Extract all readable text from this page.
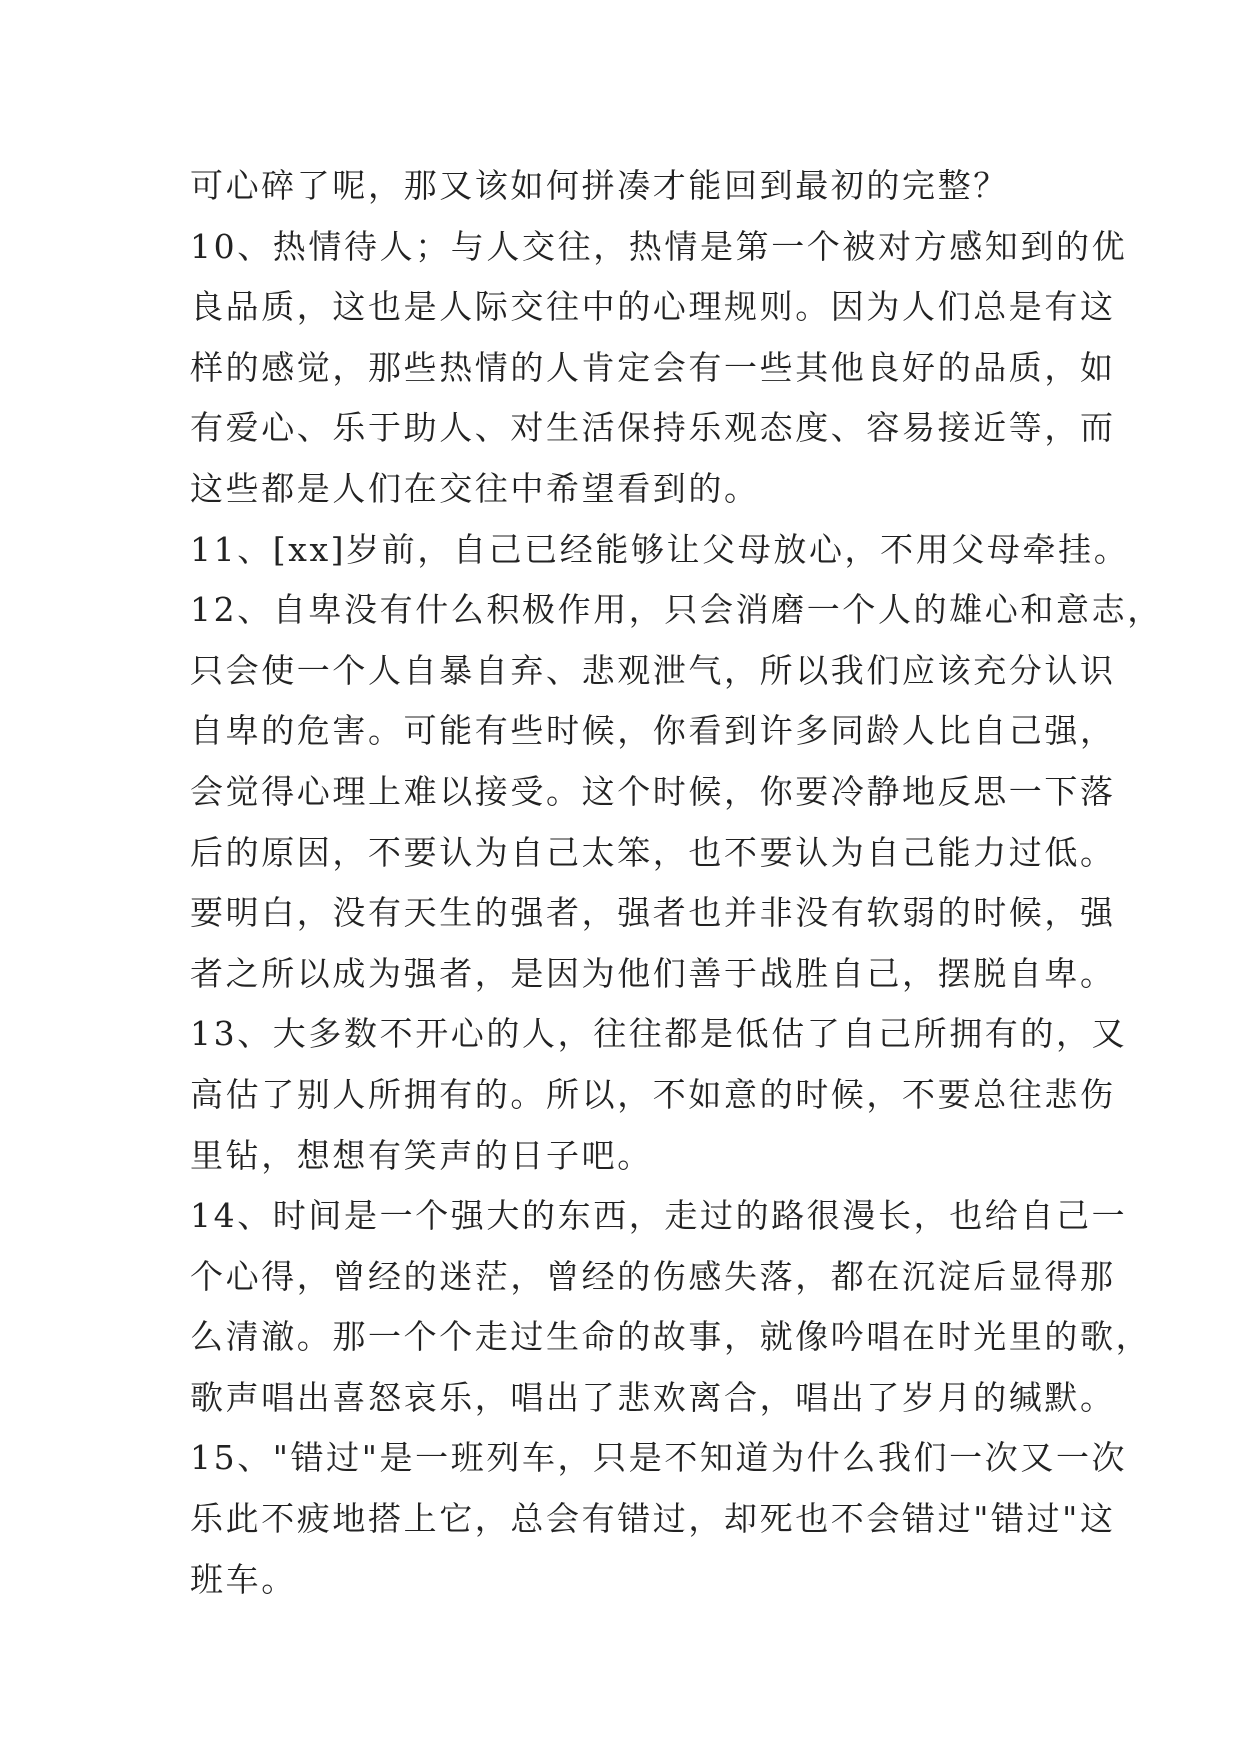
可心碎了呢，那又该如何拼凑才能回到最初的完整？
10、热情待人；与人交往，热情是第一个被对方感知到的优
良品质，这也是人际交往中的心理规则。因为人们总是有这
样的感觉，那些热情的人肯定会有一些其他良好的品质，如
有爱心、乐于助人、对生活保持乐观态度、容易接近等，而
这些都是人们在交往中希望看到的。
11、[xx]岁前，自己已经能够让父母放心，不用父母牵挂。
12、自卑没有什么积极作用，只会消磨一个人的雄心和意志，
只会使一个人自暴自弃、悲观泄气，所以我们应该充分认识
自卑的危害。可能有些时候，你看到许多同龄人比自己强，
会觉得心理上难以接受。这个时候，你要冷静地反思一下落
后的原因，不要认为自己太笨，也不要认为自己能力过低。
要明白，没有天生的强者，强者也并非没有软弱的时候，强
者之所以成为强者，是因为他们善于战胜自己，摆脱自卑。
13、大多数不开心的人，往往都是低估了自己所拥有的，又
高估了别人所拥有的。所以，不如意的时候，不要总往悲伤
里钻，想想有笑声的日子吧。
14、时间是一个强大的东西，走过的路很漫长，也给自己一
个心得，曾经的迷茫，曾经的伤感失落，都在沉淀后显得那
么清澈。那一个个走过生命的故事，就像吟唱在时光里的歌，
歌声唱出喜怒哀乐，唱出了悲欢离合，唱出了岁月的缄默。
15、"错过"是一班列车，只是不知道为什么我们一次又一次
乐此不疲地搭上它，总会有错过，却死也不会错过"错过"这
班车。
